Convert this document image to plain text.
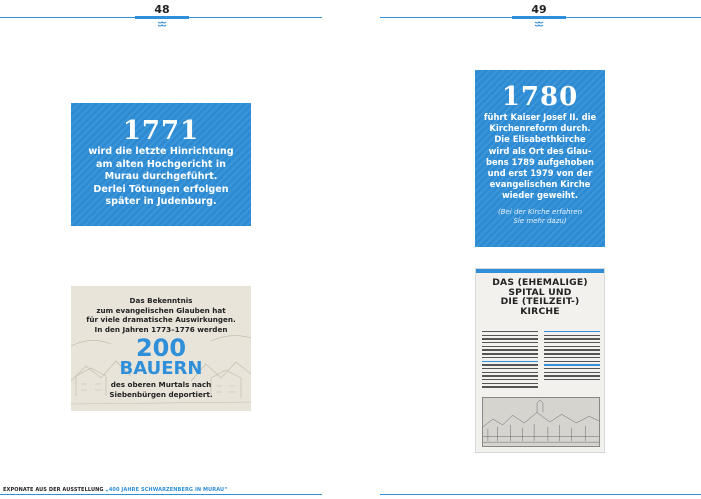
48
1771
wird die letzte Hinrichtung
am alten Hochgericht in
Murau durchgeführt.
Derlei Tötungen erfolgen
später in Judenburg.
Das Bekenntnis
zum evangelischen Glauben hat
für viele dramatische Auswirkungen.
In den Jahren 1773–1776 werden
200
BAUERN
des oberen Murtals nach
Siebenbürgen deportiert.
EXPONATE AUS DER AUSSTELLUNG „400 JAHRE SCHWARZENBERG IN MURAU“
49
1780
führt Kaiser Josef II. die
Kirchenreform durch.
Die Elisabethkirche
wird als Ort des Glau-
bens 1789 aufgehoben
und erst 1979 von der
evangelischen Kirche
wieder geweiht.
(Bei der Kirche erfahren
Sie mehr dazu)
DAS (EHEMALIGE)
SPITAL UND
DIE (TEILZEIT-)
KIRCHE
